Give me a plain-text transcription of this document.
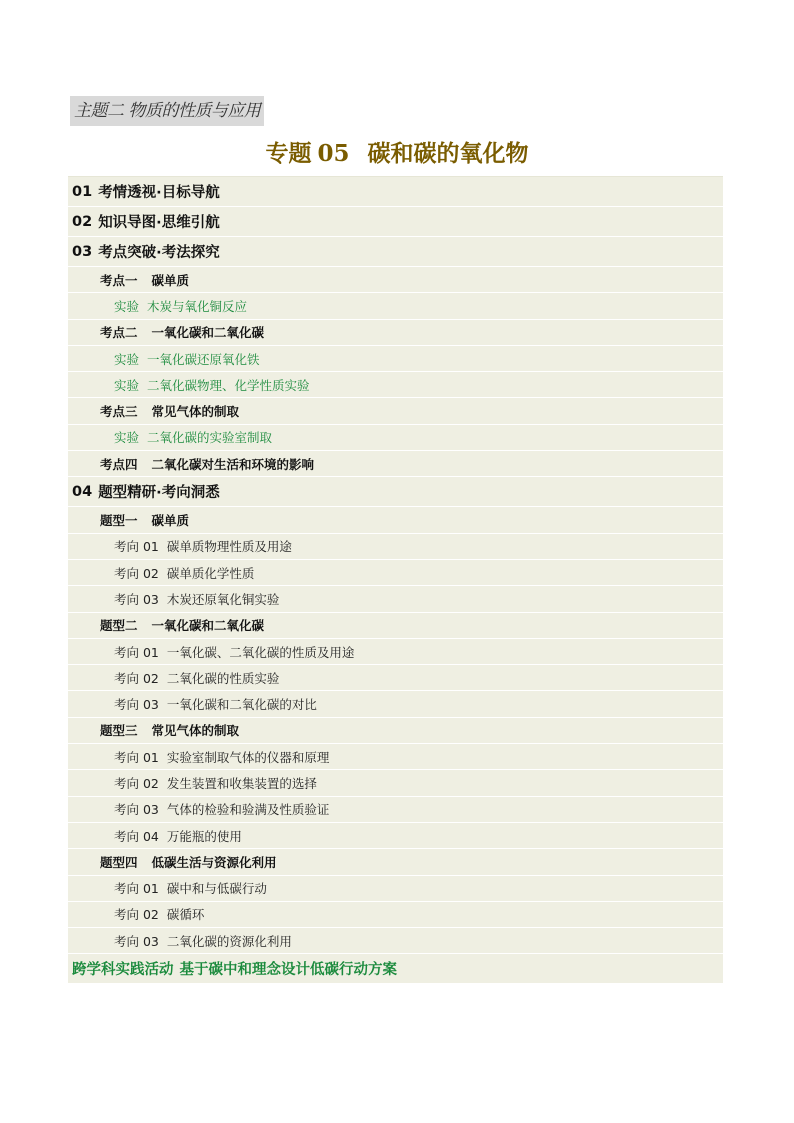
主题二 物质的性质与应用
专题 05 碳和碳的氧化物
01 考情透视·目标导航
02 知识导图·思维引航
03 考点突破·考法探究
考点一 碳单质
实验 木炭与氧化铜反应
考点二 一氧化碳和二氧化碳
实验 一氧化碳还原氧化铁
实验 二氧化碳物理、化学性质实验
考点三 常见气体的制取
实验 二氧化碳的实验室制取
考点四 二氧化碳对生活和环境的影响
04 题型精研·考向洞悉
题型一 碳单质
考向 01 碳单质物理性质及用途
考向 02 碳单质化学性质
考向 03 木炭还原氧化铜实验
题型二 一氧化碳和二氧化碳
考向 01 一氧化碳、二氧化碳的性质及用途
考向 02 二氧化碳的性质实验
考向 03 一氧化碳和二氧化碳的对比
题型三 常见气体的制取
考向 01 实验室制取气体的仪器和原理
考向 02 发生装置和收集装置的选择
考向 03 气体的检验和验满及性质验证
考向 04 万能瓶的使用
题型四 低碳生活与资源化利用
考向 01 碳中和与低碳行动
考向 02 碳循环
考向 03 二氧化碳的资源化利用
跨学科实践活动 基于碳中和理念设计低碳行动方案
